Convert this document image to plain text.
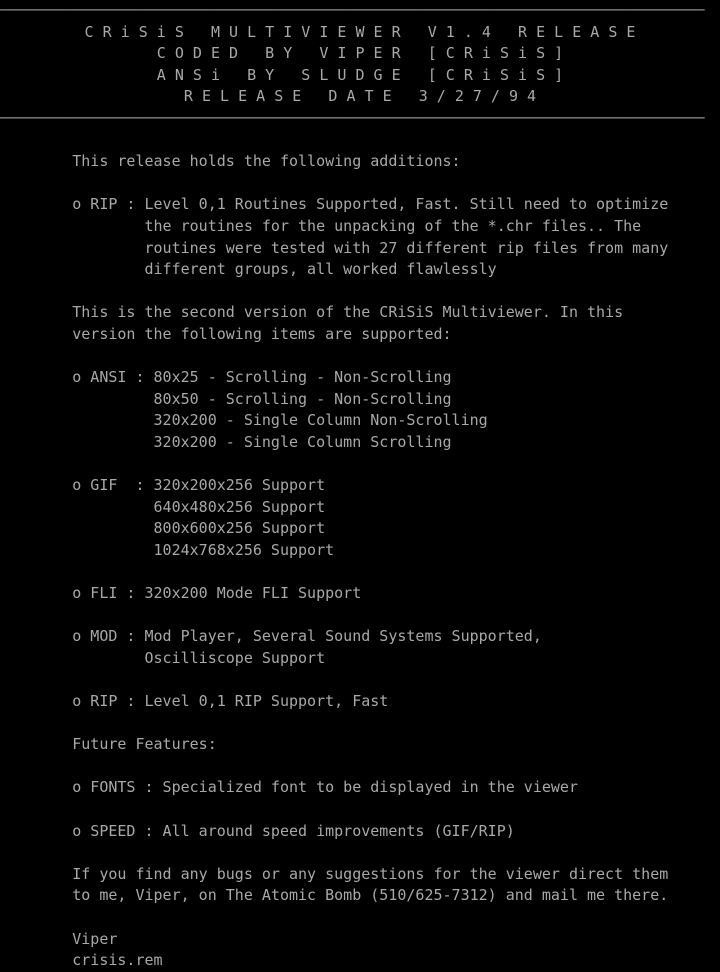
──────────────────────────────────────────────────────────────────────────────
C R i S i S   M U L T I V I E W E R   V 1 . 4   R E L E A S E
C O D E D   B Y   V I P E R   [ C R i S i S ]
A N S i   B Y   S L U D G E   [ C R i S i S ]
R E L E A S E   D A T E   3 / 2 7 / 9 4
──────────────────────────────────────────────────────────────────────────────
This release holds the following additions:
o RIP : Level 0,1 Routines Supported, Fast. Still need to optimize
the routines for the unpacking of the *.chr files.. The
routines were tested with 27 different rip files from many
different groups, all worked flawlessly
This is the second version of the CRiSiS Multiviewer. In this
version the following items are supported:
o ANSI : 80x25 - Scrolling - Non-Scrolling
80x50 - Scrolling - Non-Scrolling
320x200 - Single Column Non-Scrolling
320x200 - Single Column Scrolling
o GIF  : 320x200x256 Support
640x480x256 Support
800x600x256 Support
1024x768x256 Support
o FLI : 320x200 Mode FLI Support
o MOD : Mod Player, Several Sound Systems Supported,
Oscilliscope Support
o RIP : Level 0,1 RIP Support, Fast
Future Features:
o FONTS : Specialized font to be displayed in the viewer
o SPEED : All around speed improvements (GIF/RIP)
If you find any bugs or any suggestions for the viewer direct them
to me, Viper, on The Atomic Bomb (510/625-7312) and mail me there.
Viper
crisis.rem
